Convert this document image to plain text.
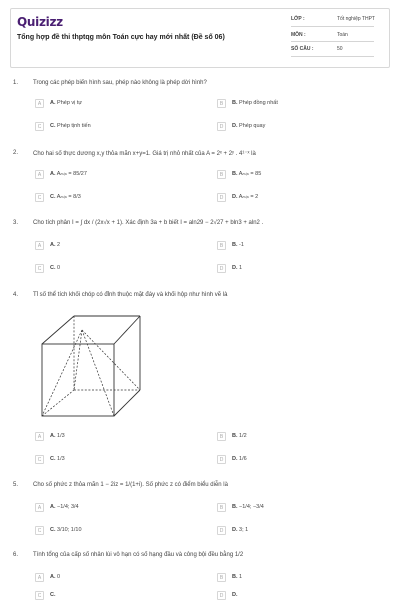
Quizizz
Tổng hợp đề thi thptqg môn Toán cực hay mới nhất (Đề số 06)
LỚP :	Tốt nghiệp THPT
MÔN :	Toán
SỐ CÂU :	50
1. Trong các phép biến hình sau, phép nào không là phép dời hình?
A	A. Phép vị tự	B	B. Phép đồng nhất
C	C. Phép tịnh tiến	D	D. Phép quay
2. Cho hai số thực dương x,y thỏa mãn x+y=1. Giá trị nhỏ nhất của A = 2ˣ + 2ʸ . 4¹⁻ˣ là
A	A. Aₘᵢₙ = 85/27	B	B. Aₘᵢₙ = 85
C	C. Aₘᵢₙ = 8/3	D	D. Aₘᵢₙ = 2
3. Cho tích phân I = ∫ dx / (2x√x + 1). Xác định 3a + b biết I = aln29 − 2√27 + bln3 + aln2 .
A	A. 2	B	B. -1
C	C. 0	D	D. 1
4. Tỉ số thể tích khối chóp có đỉnh thuộc mặt đáy và khối hộp như hình vẽ là
A	A. 1/3	B	B. 1/2
C	C. 1/3	D	D. 1/6
5. Cho số phức z thỏa mãn 1 − 2iz = 1/(1+i). Số phức z có điểm biểu diễn là
A	A. −1/4; 3/4	B	B. −1/4; −3/4
C	C. 3/10; 1/10	D	D. 3; 1
6. Tính tổng của cấp số nhân lùi vô hạn có số hạng đầu và công bội đều bằng 1/2
A	A. 0	B	B. 1
C	C.	D	D.
